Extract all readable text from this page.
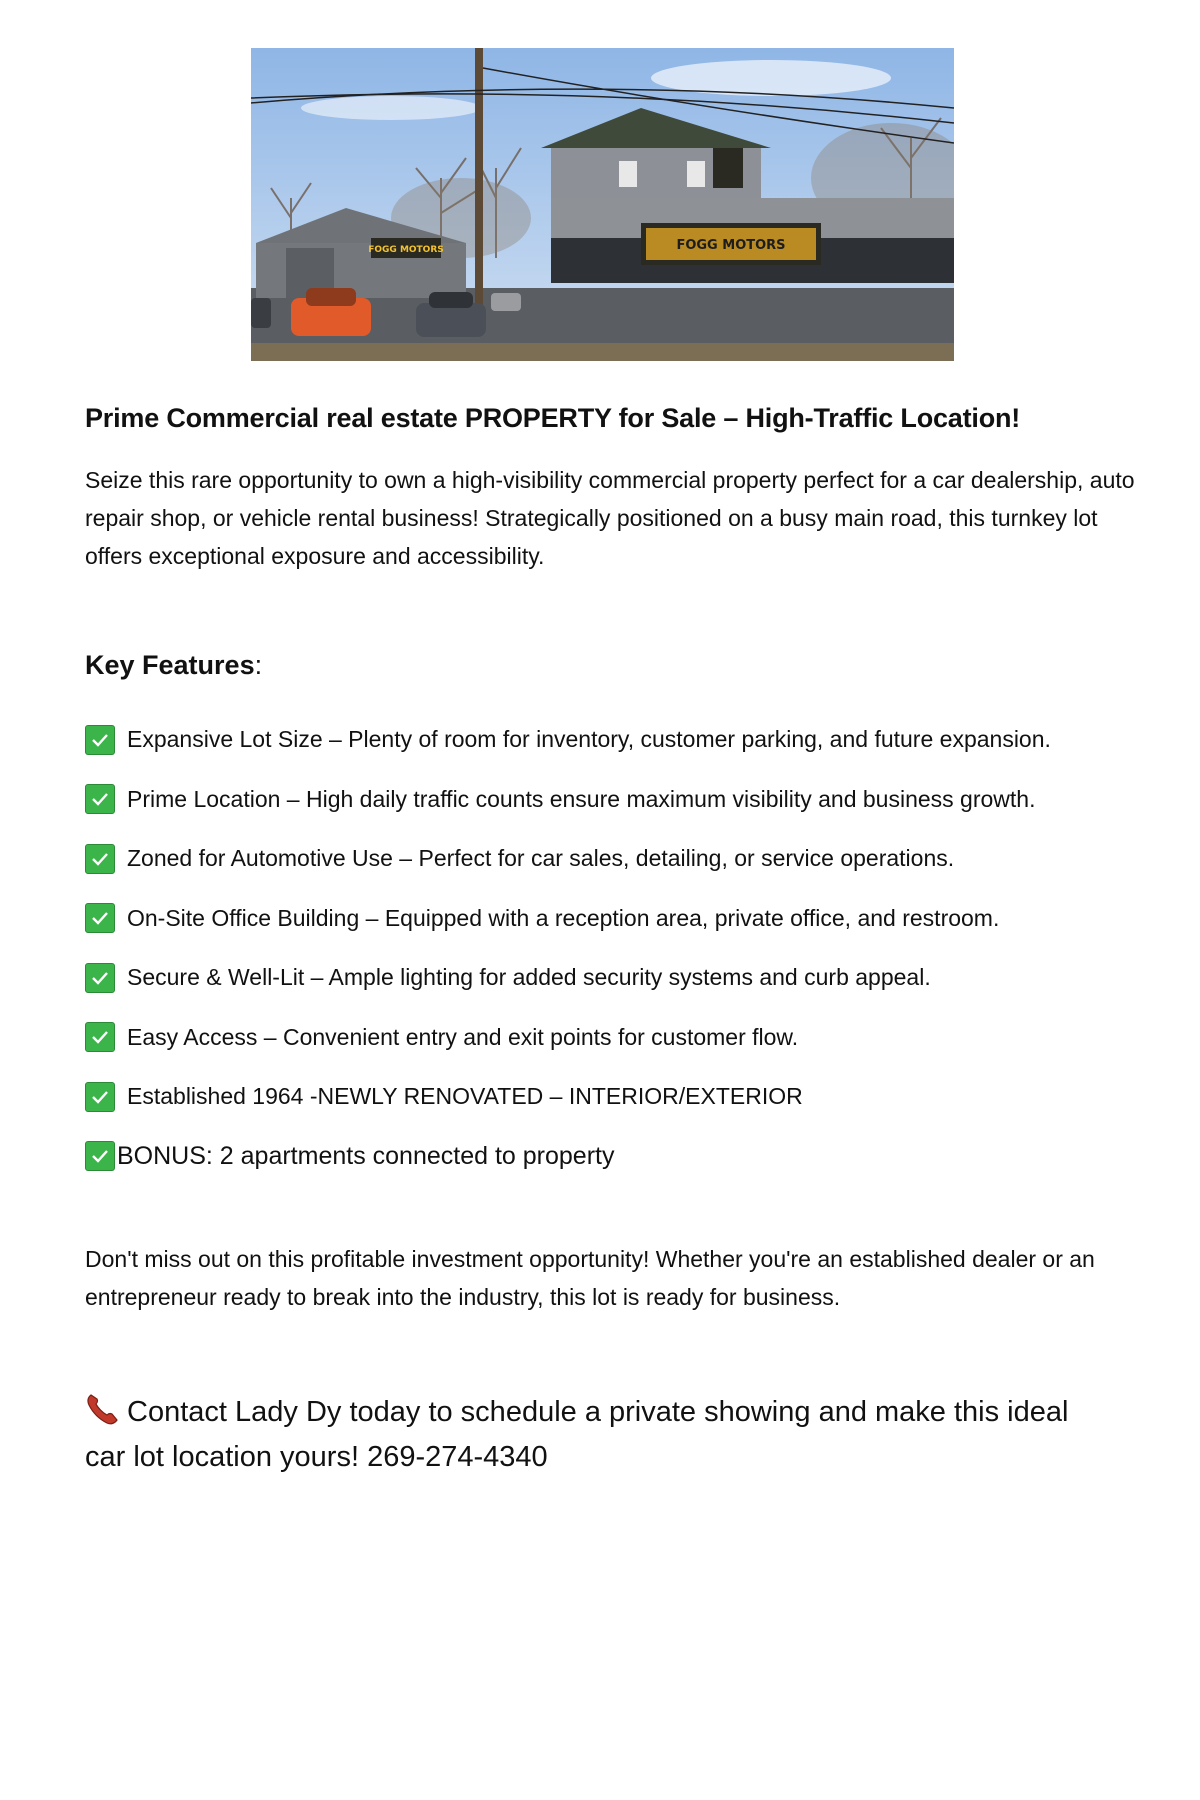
FOGG MOTORS	FOGG MOTORS
Prime Commercial real estate PROPERTY for Sale – High-Traffic Location!

Seize this rare opportunity to own a high-visibility commercial property perfect for a car dealership, auto repair shop, or vehicle rental business! Strategically positioned on a busy main road, this turnkey lot offers exceptional exposure and accessibility.

Key Features:

Expansive Lot Size – Plenty of room for inventory, customer parking, and future expansion.
Prime Location – High daily traffic counts ensure maximum visibility and business growth.
Zoned for Automotive Use – Perfect for car sales, detailing, or service operations.
On-Site Office Building – Equipped with a reception area, private office, and restroom.
Secure & Well-Lit – Ample lighting for added security systems and curb appeal.
Easy Access – Convenient entry and exit points for customer flow.
Established 1964 -NEWLY RENOVATED – INTERIOR/EXTERIOR
BONUS: 2 apartments connected to property

Don't miss out on this profitable investment opportunity! Whether you're an established dealer or an entrepreneur ready to break into the industry, this lot is ready for business.

Contact Lady Dy today to schedule a private showing and make this ideal car lot location yours! 269-274-4340
